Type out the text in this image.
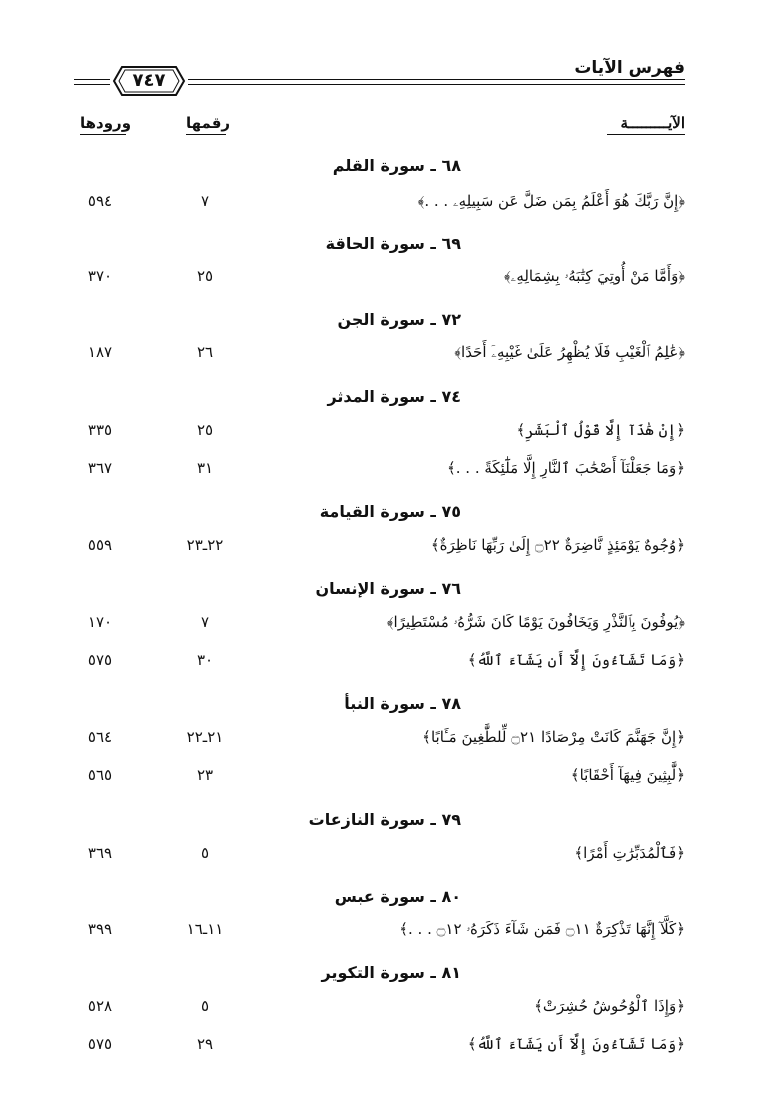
فهرس الآيات
٧٤٧
الآيـــــــــة
رقمها
ورودها
٦٨ ـ سورة القلم
﴿إِنَّ رَبَّكَ هُوَ أَعْلَمُ بِمَن ضَلَّ عَن سَبِيلِهِۦ . . .﴾
٧
٥٩٤
٦٩ ـ سورة الحاقة
﴿وَأَمَّا مَنْ أُوتِيَ كِتَٰبَهُۥ بِشِمَالِهِۦ﴾
٢٥
٣٧٠
٧٢ ـ سورة الجن
﴿عَٰلِمُ ٱلْغَيْبِ فَلَا يُظْهِرُ عَلَىٰ غَيْبِهِۦٓ أَحَدًا﴾
٢٦
١٨٧
٧٤ ـ سورة المدثر
﴿إِنْ هَٰذَآ إِلَّا قَوْلُ ٱلْبَشَرِ﴾
٢٥
٣٣٥
﴿وَمَا جَعَلْنَآ أَصْحَٰبَ ٱلنَّارِ إِلَّا مَلَٰٓئِكَةً . . .﴾
٣١
٣٦٧
٧٥ ـ سورة القيامة
﴿وُجُوهٌ يَوْمَئِذٍ نَّاضِرَةٌ ۝٢٢ إِلَىٰ رَبِّهَا نَاظِرَةٌ﴾
٢٢ـ٢٣
٥٥٩
٧٦ ـ سورة الإنسان
﴿يُوفُونَ بِٱلنَّذْرِ وَيَخَافُونَ يَوْمًا كَانَ شَرُّهُۥ مُسْتَطِيرًا﴾
٧
١٧٠
﴿وَمَا تَشَآءُونَ إِلَّآ أَن يَشَآءَ ٱللَّهُ﴾
٣٠
٥٧٥
٧٨ ـ سورة النبأ
﴿إِنَّ جَهَنَّمَ كَانَتْ مِرْصَادًا ۝٢١ لِّلطَّٰغِينَ مَـَٔابًا﴾
٢١ـ٢٢
٥٦٤
﴿لَّٰبِثِينَ فِيهَآ أَحْقَابًا﴾
٢٣
٥٦٥
٧٩ ـ سورة النازعات
﴿فَٱلْمُدَبِّرَٰتِ أَمْرًا﴾
٥
٣٦٩
٨٠ ـ سورة عبس
﴿كَلَّآ إِنَّهَا تَذْكِرَةٌ ۝١١ فَمَن شَآءَ ذَكَرَهُۥ ۝١٢ . . .﴾
١١ـ١٦
٣٩٩
٨١ ـ سورة التكوير
﴿وَإِذَا ٱلْوُحُوشُ حُشِرَتْ﴾
٥
٥٢٨
﴿وَمَا تَشَآءُونَ إِلَّآ أَن يَشَآءَ ٱللَّهُ﴾
٢٩
٥٧٥
